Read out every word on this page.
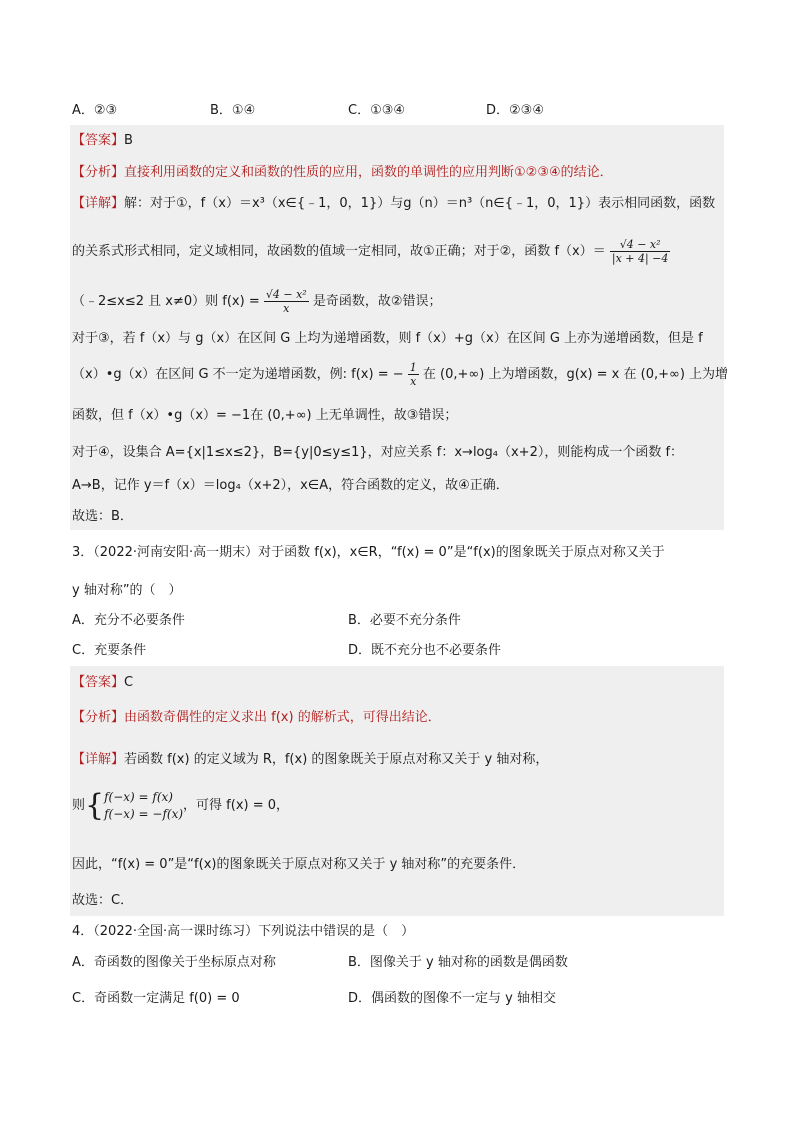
A．②③	B．①④	C．①③④	D．②③④
【答案】B
【分析】直接利用函数的定义和函数的性质的应用，函数的单调性的应用判断①②③④的结论．
【详解】解：对于①，f（x）＝x³（x∈{﹣1，0，1}）与g（n）＝n³（n∈{﹣1，0，1}）表示相同函数，函数
的关系式形式相同，定义域相同，故函数的值域一定相同，故①正确；对于②，函数 $f(x)= \frac{\text{√4 − x²}}{|x + 4| -4}$
（﹣2≤x≤2 且 x≠0）则 $f(x) = \frac{\text{√4 − x²}}{x}$ 是奇函数，故②错误；
对于③，若 f（x）与 g（x）在区间 G 上均为递增函数，则 f（x）+g（x）在区间 G 上亦为递增函数，但是 f
（x）•g（x）在区间 G 不一定为递增函数，例: f(x) = − $\frac{1}{x}$ 在 (0,+∞) 上为增函数，g(x) = x 在 (0,+∞) 上为增
函数，但 f（x）•g（x）= −1在 (0,+∞) 上无单调性，故③错误；
对于④，设集合 A={x|1≤x≤2}，B={y|0≤y≤1}，对应关系 f：x→log₄（x+2），则能构成一个函数 f：
A→B，记作 y＝f（x）＝log₄（x+2），x∈A，符合函数的定义，故④正确．
故选：B．
3．（2022·河南安阳·高一期末）对于函数 f(x)，x∈R，“f(x) = 0”是“f(x)的图象既关于原点对称又关于
y 轴对称”的（　）
A．充分不必要条件	B．必要不充分条件
C．充要条件	D．既不充分也不必要条件
【答案】C
【分析】由函数奇偶性的定义求出 f(x) 的解析式，可得出结论．
【详解】若函数 f(x) 的定义域为 R，f(x) 的图象既关于原点对称又关于 y 轴对称，
则{ f(−x) = f(x)
f(−x) = −f(x)
，可得 f(x) = 0，
因此，“f(x) = 0”是“f(x)的图象既关于原点对称又关于 y 轴对称”的充要条件．
故选：C．
4．（2022·全国·高一课时练习）下列说法中错误的是（　）
A．奇函数的图像关于坐标原点对称	B．图像关于 y 轴对称的函数是偶函数
C．奇函数一定满足 f(0) = 0	D．偶函数的图像不一定与 y 轴相交
